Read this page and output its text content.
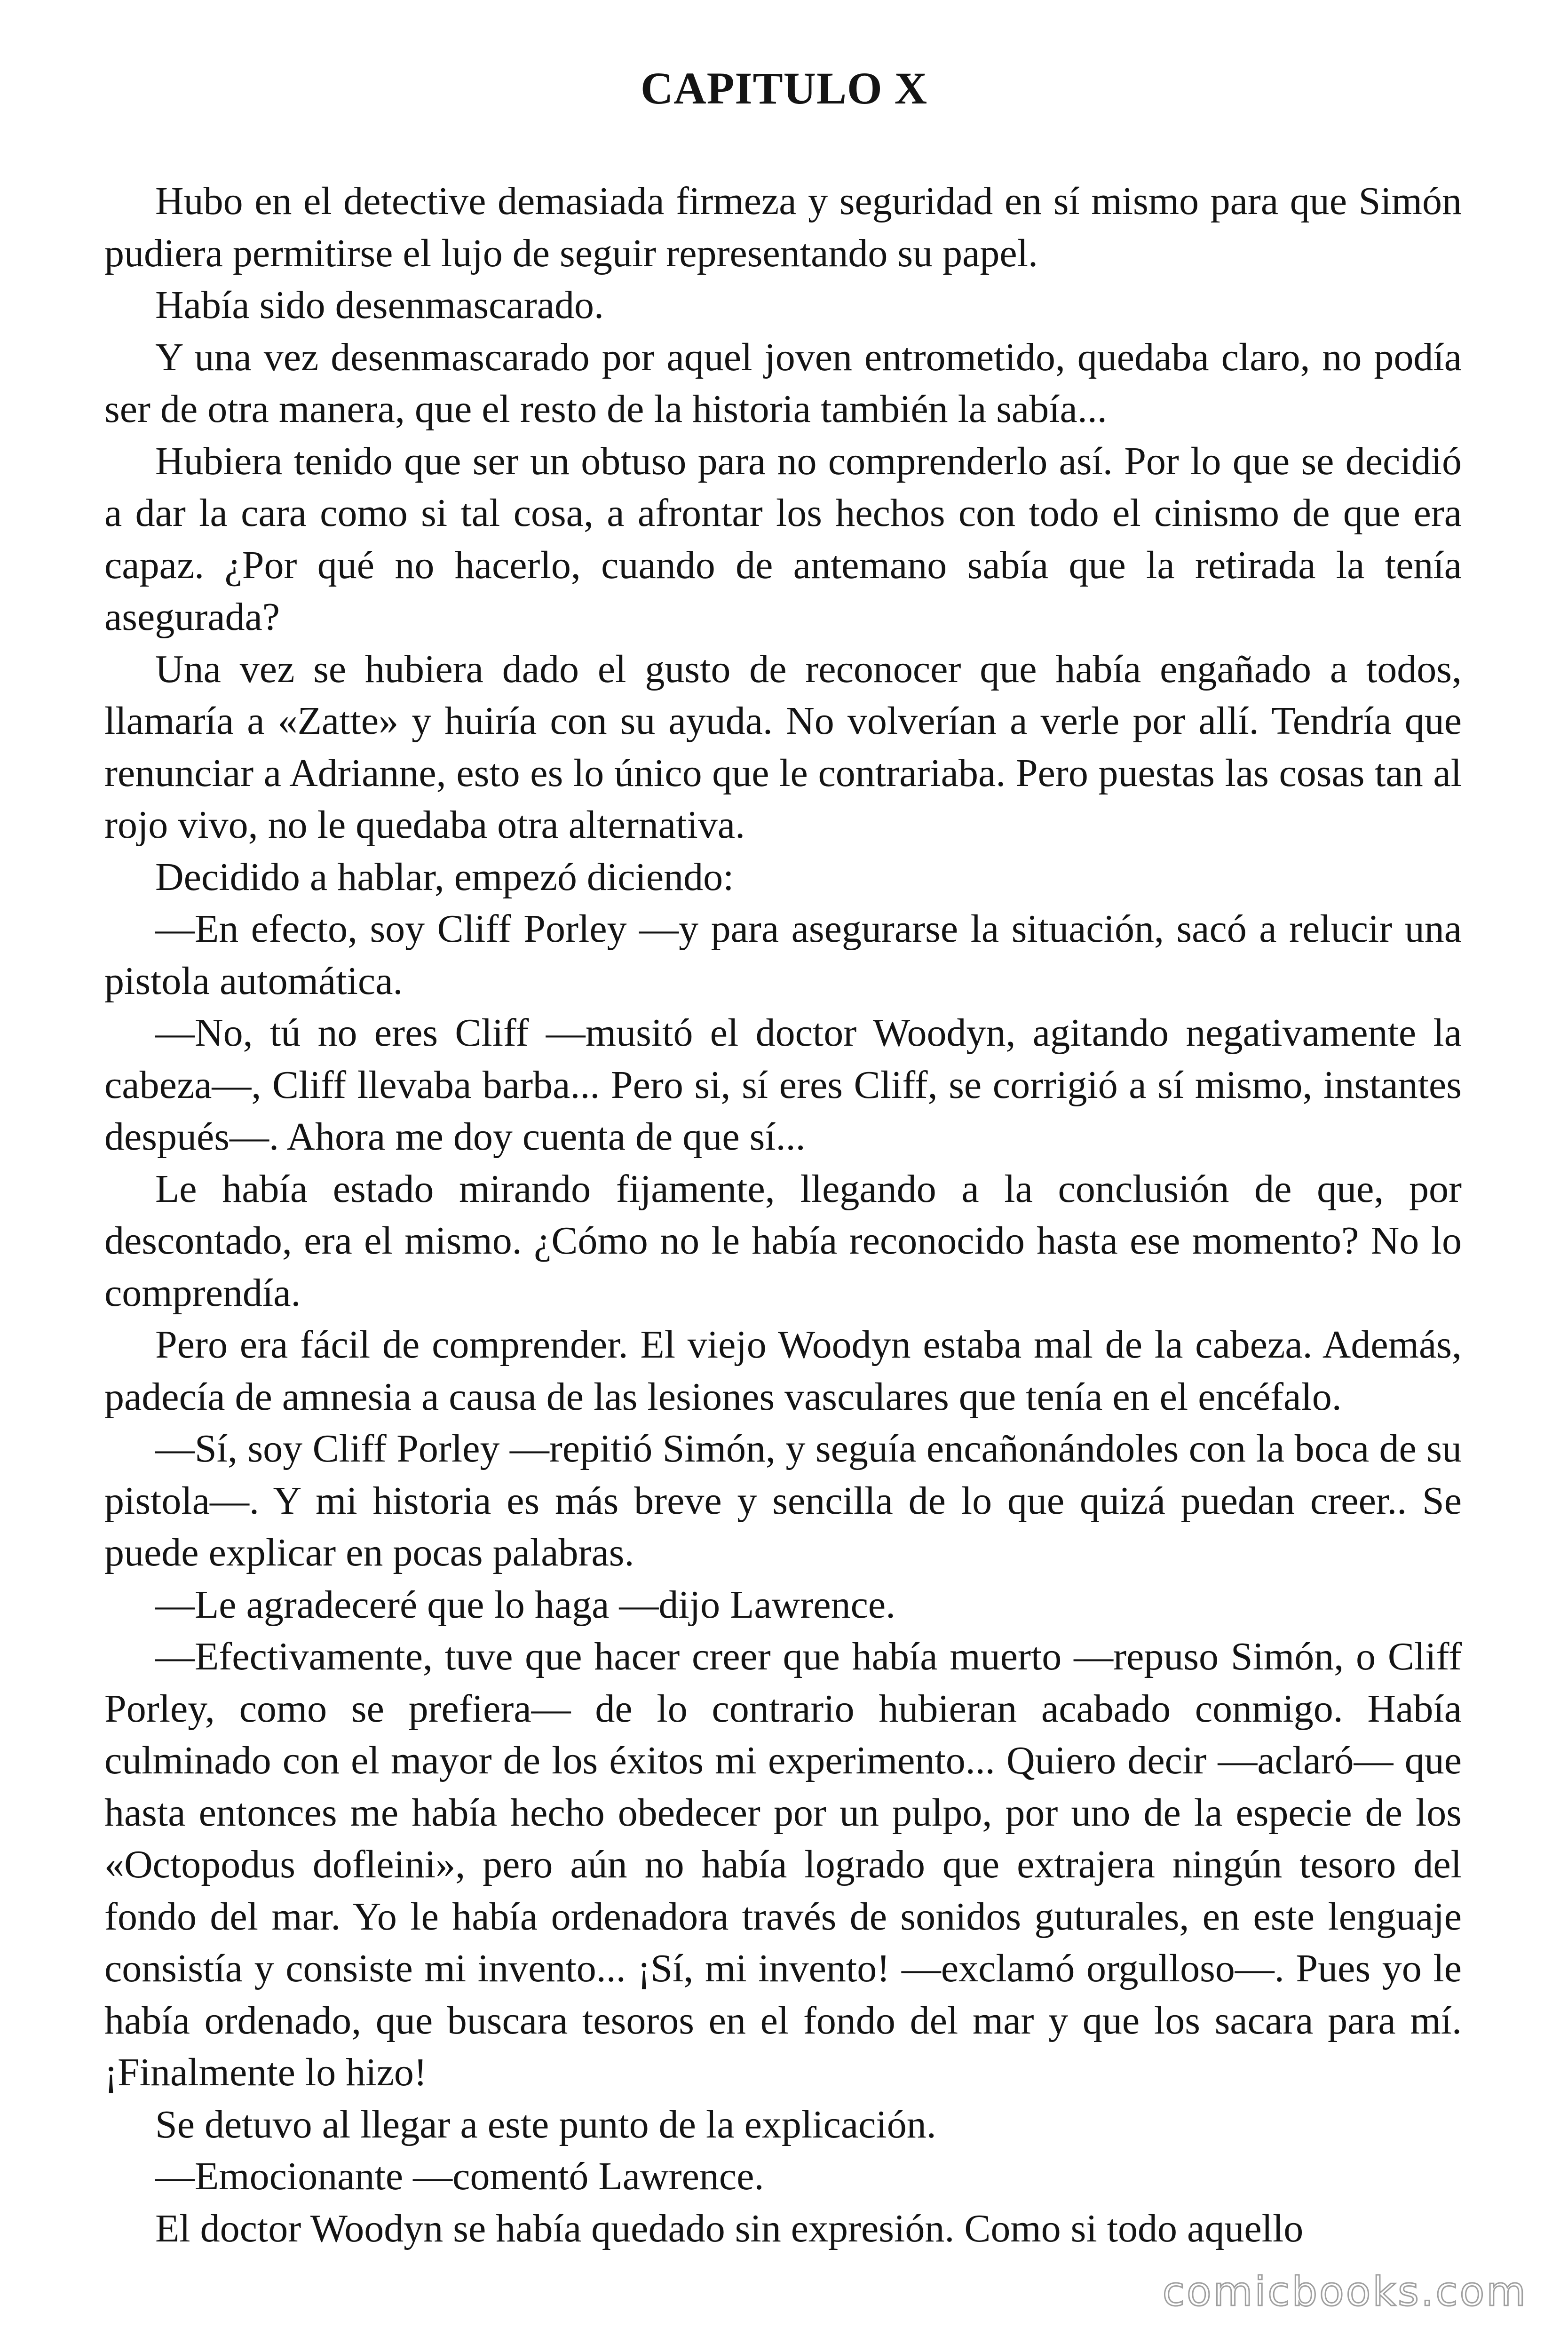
CAPITULO X

Hubo en el detective demasiada firmeza y seguridad en sí mismo para que Simón pudiera permitirse el lujo de seguir representando su papel.

Había sido desenmascarado.

Y una vez desenmascarado por aquel joven entrometido, quedaba claro, no podía ser de otra manera, que el resto de la historia también la sabía...

Hubiera tenido que ser un obtuso para no comprenderlo así. Por lo que se decidió a dar la cara como si tal cosa, a afrontar los hechos con todo el cinismo de que era capaz. ¿Por qué no hacerlo, cuando de antemano sabía que la retirada la tenía asegurada?

Una vez se hubiera dado el gusto de reconocer que había engañado a todos, llamaría a «Zatte» y huiría con su ayuda. No volverían a verle por allí. Tendría que renunciar a Adrianne, esto es lo único que le contrariaba. Pero puestas las cosas tan al rojo vivo, no le quedaba otra alternativa.

Decidido a hablar, empezó diciendo:

—En efecto, soy Cliff Porley —y para asegurarse la situación, sacó a relucir una pistola automática.

—No, tú no eres Cliff —musitó el doctor Woodyn, agitando negativamente la cabeza—, Cliff llevaba barba... Pero si, sí eres Cliff, se corrigió a sí mismo, instantes después—. Ahora me doy cuenta de que sí...

Le había estado mirando fijamente, llegando a la conclusión de que, por descontado, era el mismo. ¿Cómo no le había reconocido hasta ese momento? No lo comprendía.

Pero era fácil de comprender. El viejo Woodyn estaba mal de la cabeza. Además, padecía de amnesia a causa de las lesiones vasculares que tenía en el encéfalo.

—Sí, soy Cliff Porley —repitió Simón, y seguía encañonándoles con la boca de su pistola—. Y mi historia es más breve y sencilla de lo que quizá puedan creer.. Se puede explicar en pocas palabras.

—Le agradeceré que lo haga —dijo Lawrence.

—Efectivamente, tuve que hacer creer que había muerto —repuso Simón, o Cliff Porley, como se prefiera— de lo contrario hubieran acabado conmigo. Había culminado con el mayor de los éxitos mi experimento... Quiero decir —aclaró— que hasta entonces me había hecho obedecer por un pulpo, por uno de la especie de los «Octopodus dofleini», pero aún no había logrado que extrajera ningún tesoro del fondo del mar. Yo le había ordenadora través de sonidos guturales, en este lenguaje consistía y consiste mi invento... ¡Sí, mi invento! —exclamó orgulloso—. Pues yo le había ordenado, que buscara tesoros en el fondo del mar y que los sacara para mí. ¡Finalmente lo hizo!

Se detuvo al llegar a este punto de la explicación.

—Emocionante —comentó Lawrence.

El doctor Woodyn se había quedado sin expresión. Como si todo aquello

comicbooks.com
